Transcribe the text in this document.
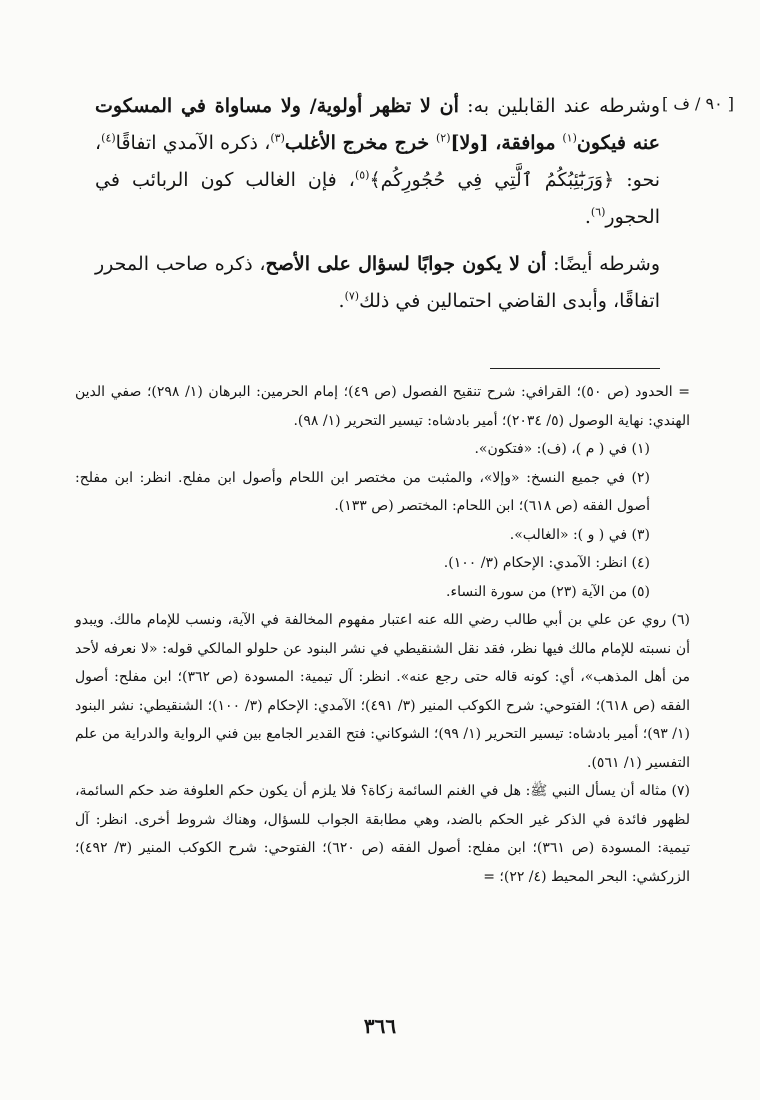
[ ٩٠ / ف ]

وشرطه عند القابلين به: أن لا تظهر أولوية/ ولا مساواة في المسكوت عنه فيكون$^{(١)}$ موافقة، [ولا]$^{(٢)}$ خرج مخرج الأغلب$^{(٣)}$، ذكره الآمدي اتفاقًا$^{(٤)}$، نحو: ﴿وَرَبَٰٓئِبُكُمُ ٱلَّتِي فِي حُجُورِكُم﴾$^{(٥)}$، فإن الغالب كون الربائب في الحجور$^{(٦)}$.

وشرطه أيضًا: أن لا يكون جوابًا لسؤال على الأصح، ذكره صاحب المحرر اتفاقًا، وأبدى القاضي احتمالين في ذلك$^{(٧)}$.

= الحدود (ص ٥٠)؛ القرافي: شرح تنقيح الفصول (ص ٤٩)؛ إمام الحرمين: البرهان (١/ ٢٩٨)؛ صفي الدين الهندي: نهاية الوصول (٥/ ٢٠٣٤)؛ أمير بادشاه: تيسير التحرير (١/ ٩٨).

(١) في ( م )، (ف): «فتكون».

(٢) في جميع النسخ: «وإلا»، والمثبت من مختصر ابن اللحام وأصول ابن مفلح. انظر: ابن مفلح: أصول الفقه (ص ٦١٨)؛ ابن اللحام: المختصر (ص ١٣٣).

(٣) في ( و ): «الغالب».

(٤) انظر: الآمدي: الإحكام (٣/ ١٠٠).

(٥) من الآية (٢٣) من سورة النساء.

(٦) روي عن علي بن أبي طالب رضي الله عنه اعتبار مفهوم المخالفة في الآية، ونسب للإمام مالك. ويبدو أن نسبته للإمام مالك فيها نظر، فقد نقل الشنقيطي في نشر البنود عن حلولو المالكي قوله: «لا نعرفه لأحد من أهل المذهب»، أي: كونه قاله حتى رجع عنه». انظر: آل تيمية: المسودة (ص ٣٦٢)؛ ابن مفلح: أصول الفقه (ص ٦١٨)؛ الفتوحي: شرح الكوكب المنير (٣/ ٤٩١)؛ الآمدي: الإحكام (٣/ ١٠٠)؛ الشنقيطي: نشر البنود (١/ ٩٣)؛ أمير بادشاه: تيسير التحرير (١/ ٩٩)؛ الشوكاني: فتح القدير الجامع بين فني الرواية والدراية من علم التفسير (١/ ٥٦١).

(٧) مثاله أن يسأل النبي ﷺ: هل في الغنم السائمة زكاة؟ فلا يلزم أن يكون حكم العلوفة ضد حكم السائمة، لظهور فائدة في الذكر غير الحكم بالضد، وهي مطابقة الجواب للسؤال، وهناك شروط أخرى. انظر: آل تيمية: المسودة (ص ٣٦١)؛ ابن مفلح: أصول الفقه (ص ٦٢٠)؛ الفتوحي: شرح الكوكب المنير (٣/ ٤٩٢)؛ الزركشي: البحر المحيط (٤/ ٢٢)؛ =

٣٦٦
